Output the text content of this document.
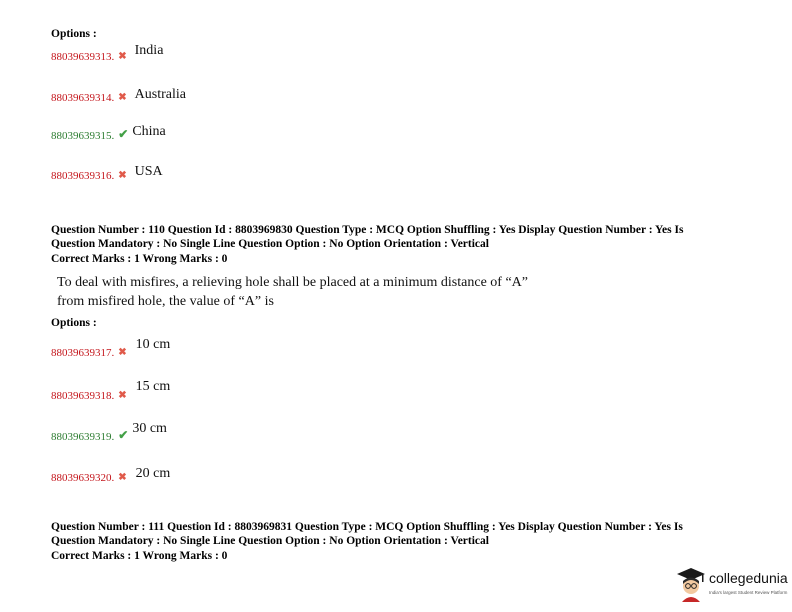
Options :
88039639313. ✖ India
88039639314. ✖ Australia
88039639315. ✔ China
88039639316. ✖ USA
Question Number : 110 Question Id : 8803969830 Question Type : MCQ Option Shuffling : Yes Display Question Number : Yes Is
Question Mandatory : No Single Line Question Option : No Option Orientation : Vertical
Correct Marks : 1 Wrong Marks : 0
To deal with misfires, a relieving hole shall be placed at a minimum distance of “A”
from misfired hole, the value of “A” is
Options :
88039639317. ✖ 10 cm
88039639318. ✖ 15 cm
88039639319. ✔ 30 cm
88039639320. ✖ 20 cm
Question Number : 111 Question Id : 8803969831 Question Type : MCQ Option Shuffling : Yes Display Question Number : Yes Is
Question Mandatory : No Single Line Question Option : No Option Orientation : Vertical
Correct Marks : 1 Wrong Marks : 0
collegedunia
India's largest Student Review Platform
